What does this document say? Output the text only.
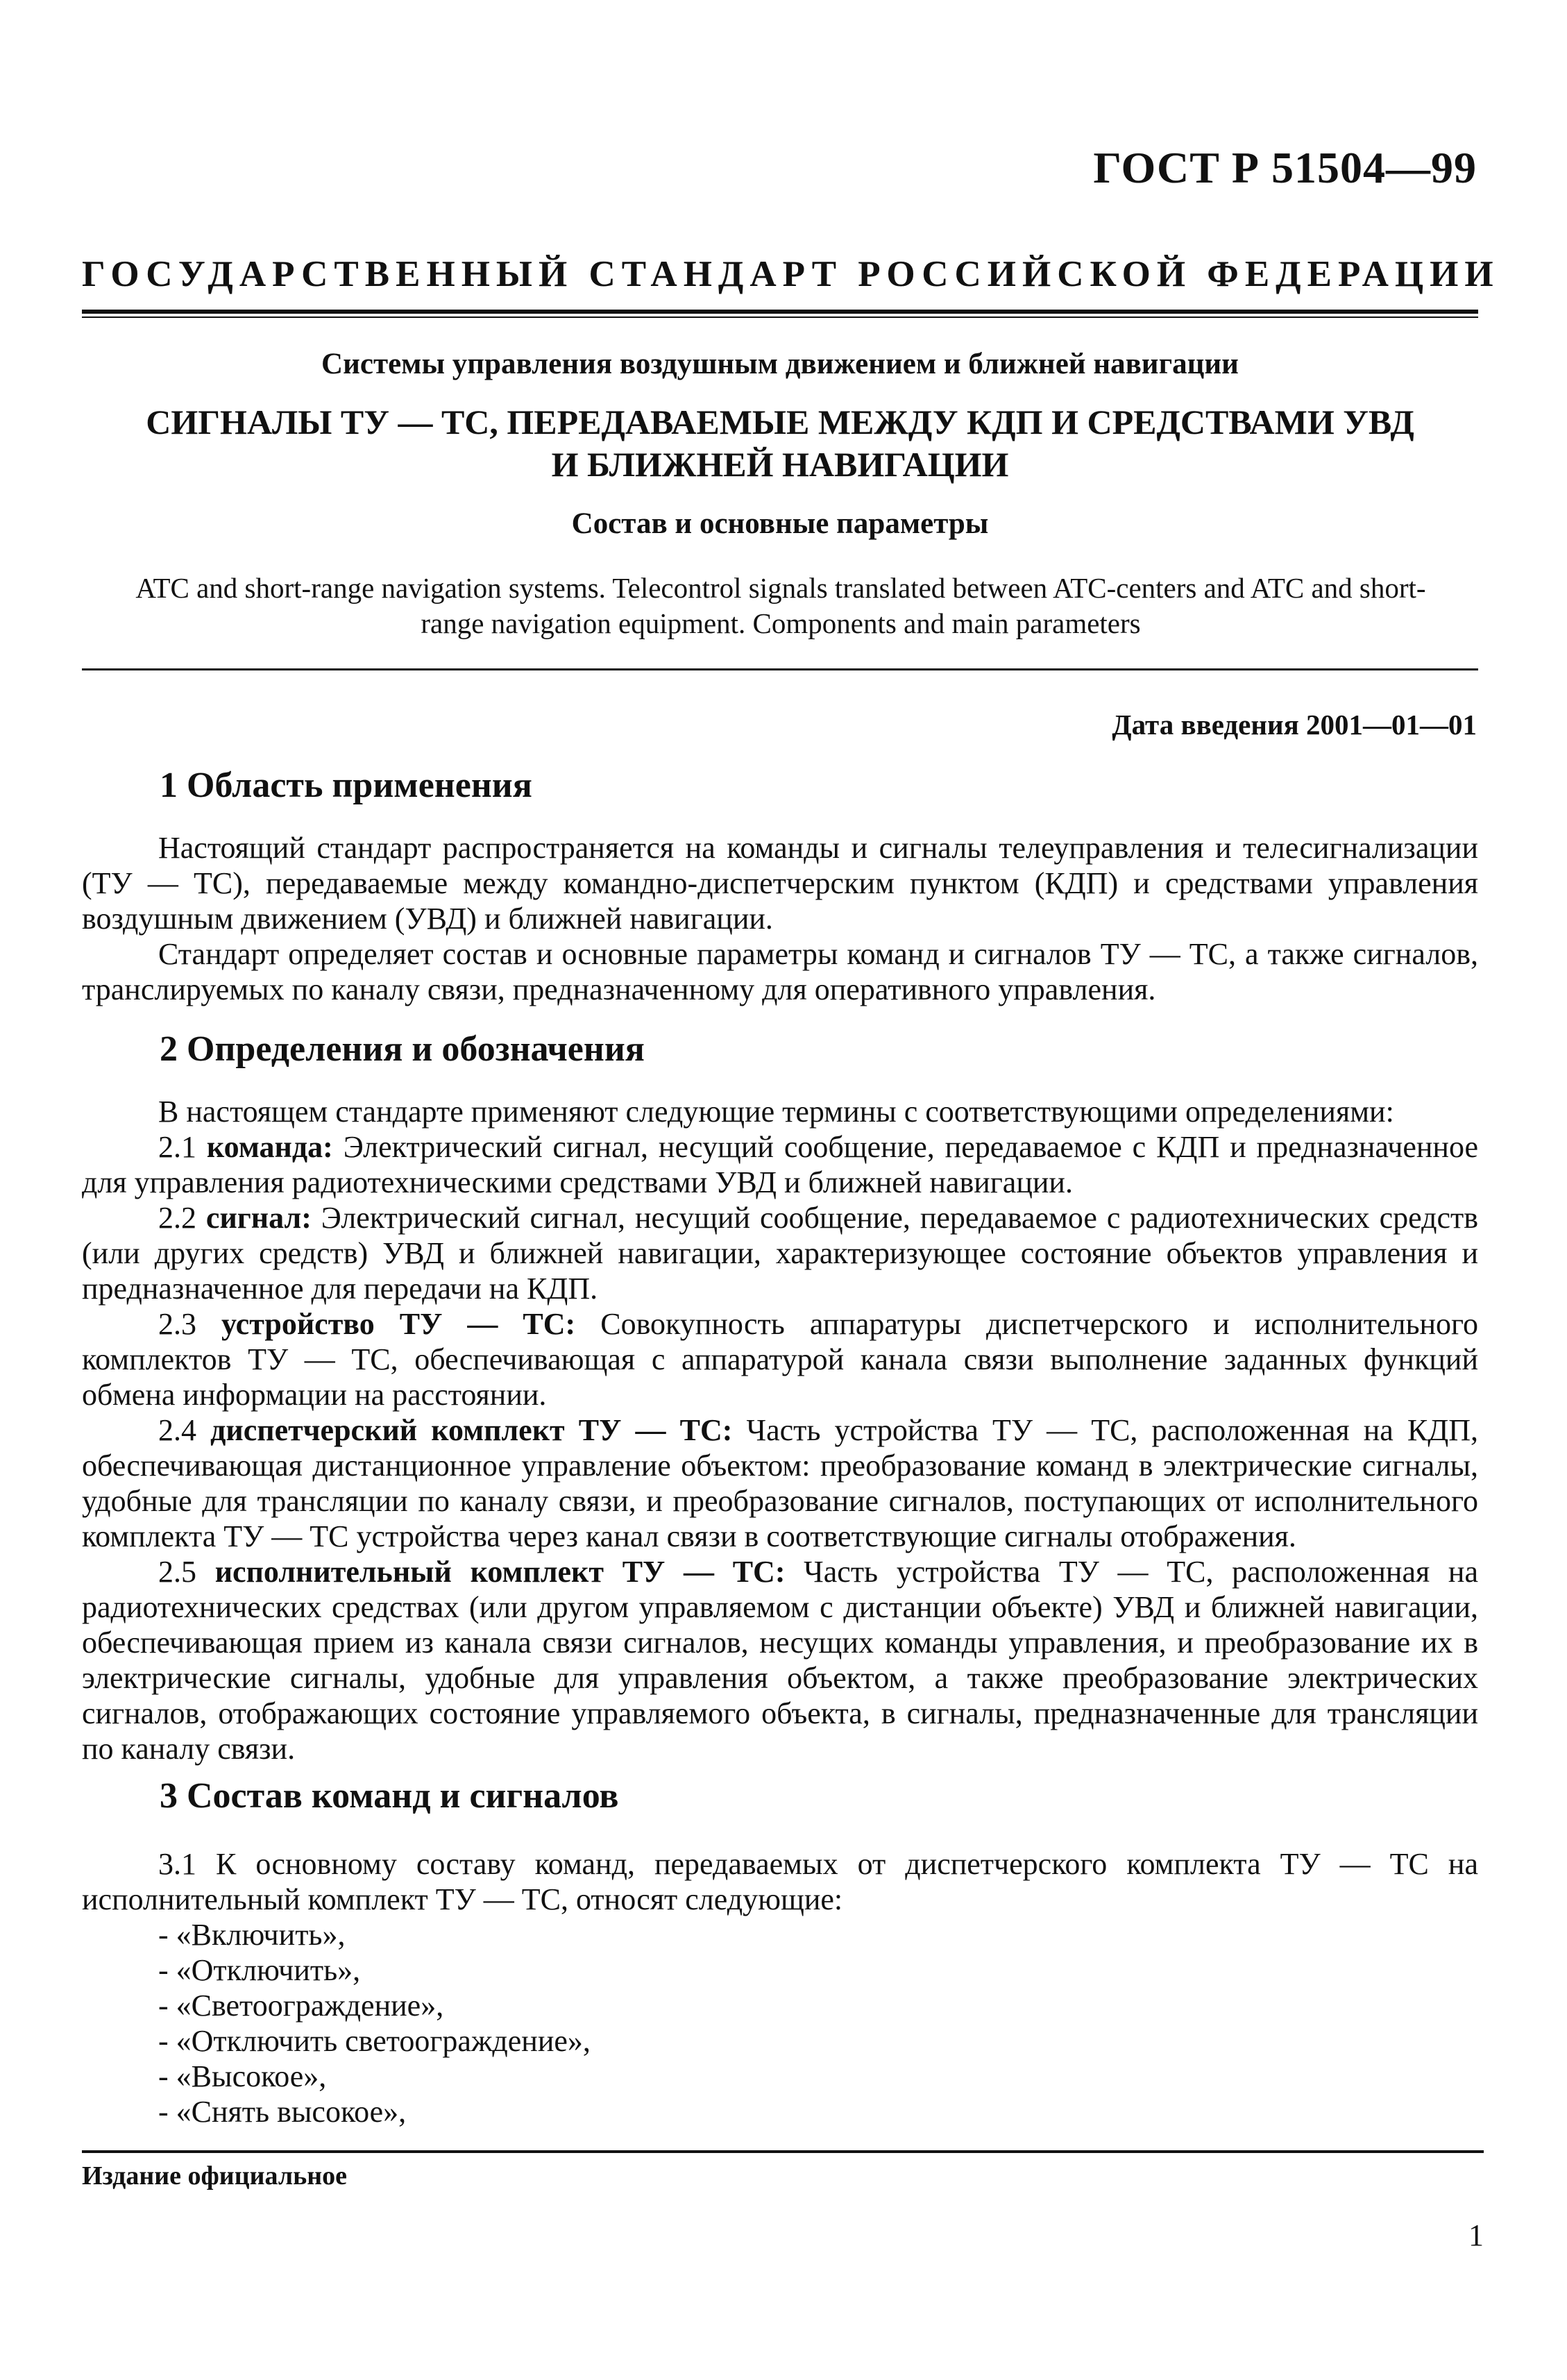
ГОСТ Р 51504—99
ГОСУДАРСТВЕННЫЙ СТАНДАРТ РОССИЙСКОЙ ФЕДЕРАЦИИ
Системы управления воздушным движением и ближней навигации
СИГНАЛЫ ТУ — ТС, ПЕРЕДАВАЕМЫЕ МЕЖДУ КДП И СРЕДСТВАМИ УВД
И БЛИЖНЕЙ НАВИГАЦИИ
Состав и основные параметры
ATC and short-range navigation systems. Telecontrol signals translated between ATC-centers and ATC and short-
range navigation equipment. Components and main parameters
Дата введения 2001—01—01
1 Область применения

Настоящий стандарт распространяется на команды и сигналы телеуправления и телесигнализации (ТУ — ТС), передаваемые между командно-диспетчерским пунктом (КДП) и средствами управления воздушным движением (УВД) и ближней навигации.

Стандарт определяет состав и основные параметры команд и сигналов ТУ — ТС, а также сигналов, транслируемых по каналу связи, предназначенному для оперативного управления.

2 Определения и обозначения

В настоящем стандарте применяют следующие термины с соответствующими определениями:

2.1 команда: Электрический сигнал, несущий сообщение, передаваемое с КДП и предназначенное для управления радиотехническими средствами УВД и ближней навигации.

2.2 сигнал: Электрический сигнал, несущий сообщение, передаваемое с радиотехнических средств (или других средств) УВД и ближней навигации, характеризующее состояние объектов управления и предназначенное для передачи на КДП.

2.3 устройство ТУ — ТС: Совокупность аппаратуры диспетчерского и исполнительного комплектов ТУ — ТС, обеспечивающая с аппаратурой канала связи выполнение заданных функций обмена информации на расстоянии.

2.4 диспетчерский комплект ТУ — ТС: Часть устройства ТУ — ТС, расположенная на КДП, обеспечивающая дистанционное управление объектом: преобразование команд в электрические сигналы, удобные для трансляции по каналу связи, и преобразование сигналов, поступающих от исполнительного комплекта ТУ — ТС устройства через канал связи в соответствующие сигналы отображения.

2.5 исполнительный комплект ТУ — ТС: Часть устройства ТУ — ТС, расположенная на радиотехнических средствах (или другом управляемом с дистанции объекте) УВД и ближней навигации, обеспечивающая прием из канала связи сигналов, несущих команды управления, и преобразование их в электрические сигналы, удобные для управления объектом, а также преобразование электрических сигналов, отображающих состояние управляемого объекта, в сигналы, предназначенные для трансляции по каналу связи.

3 Состав команд и сигналов

3.1 К основному составу команд, передаваемых от диспетчерского комплекта ТУ — ТС на исполнительный комплект ТУ — ТС, относят следующие:

- «Включить»,
- «Отключить»,
- «Светоограждение»,
- «Отключить светоограждение»,
- «Высокое»,
- «Снять высокое»,
Издание официальное
1
